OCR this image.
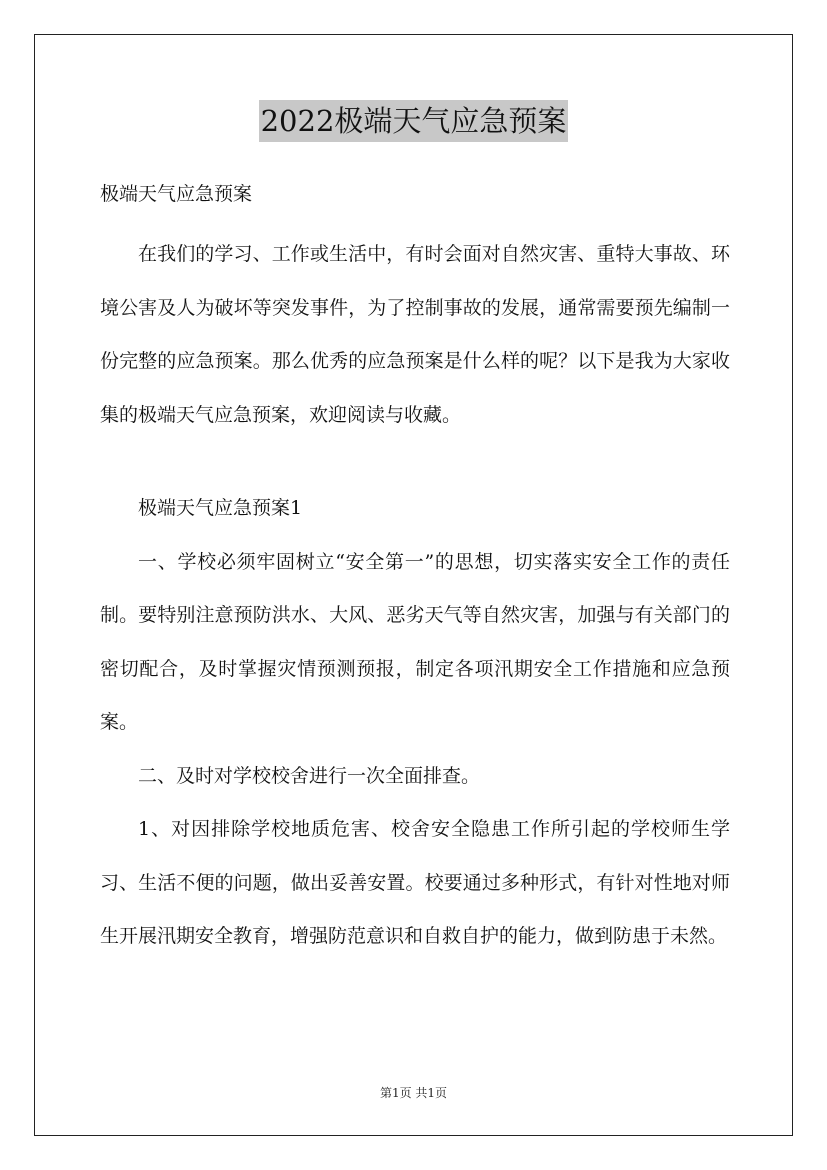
2022极端天气应急预案

极端天气应急预案

在我们的学习、工作或生活中，有时会面对自然灾害、重特大事故、环境公害及人为破坏等突发事件，为了控制事故的发展，通常需要预先编制一份完整的应急预案。那么优秀的应急预案是什么样的呢？以下是我为大家收集的极端天气应急预案，欢迎阅读与收藏。

极端天气应急预案1

一、学校必须牢固树立“安全第一”的思想，切实落实安全工作的责任制。要特别注意预防洪水、大风、恶劣天气等自然灾害，加强与有关部门的密切配合，及时掌握灾情预测预报，制定各项汛期安全工作措施和应急预案。

二、及时对学校校舍进行一次全面排查。

1、对因排除学校地质危害、校舍安全隐患工作所引起的学校师生学习、生活不便的问题，做出妥善安置。校要通过多种形式，有针对性地对师生开展汛期安全教育，增强防范意识和自救自护的能力，做到防患于未然。

第1页 共1页
